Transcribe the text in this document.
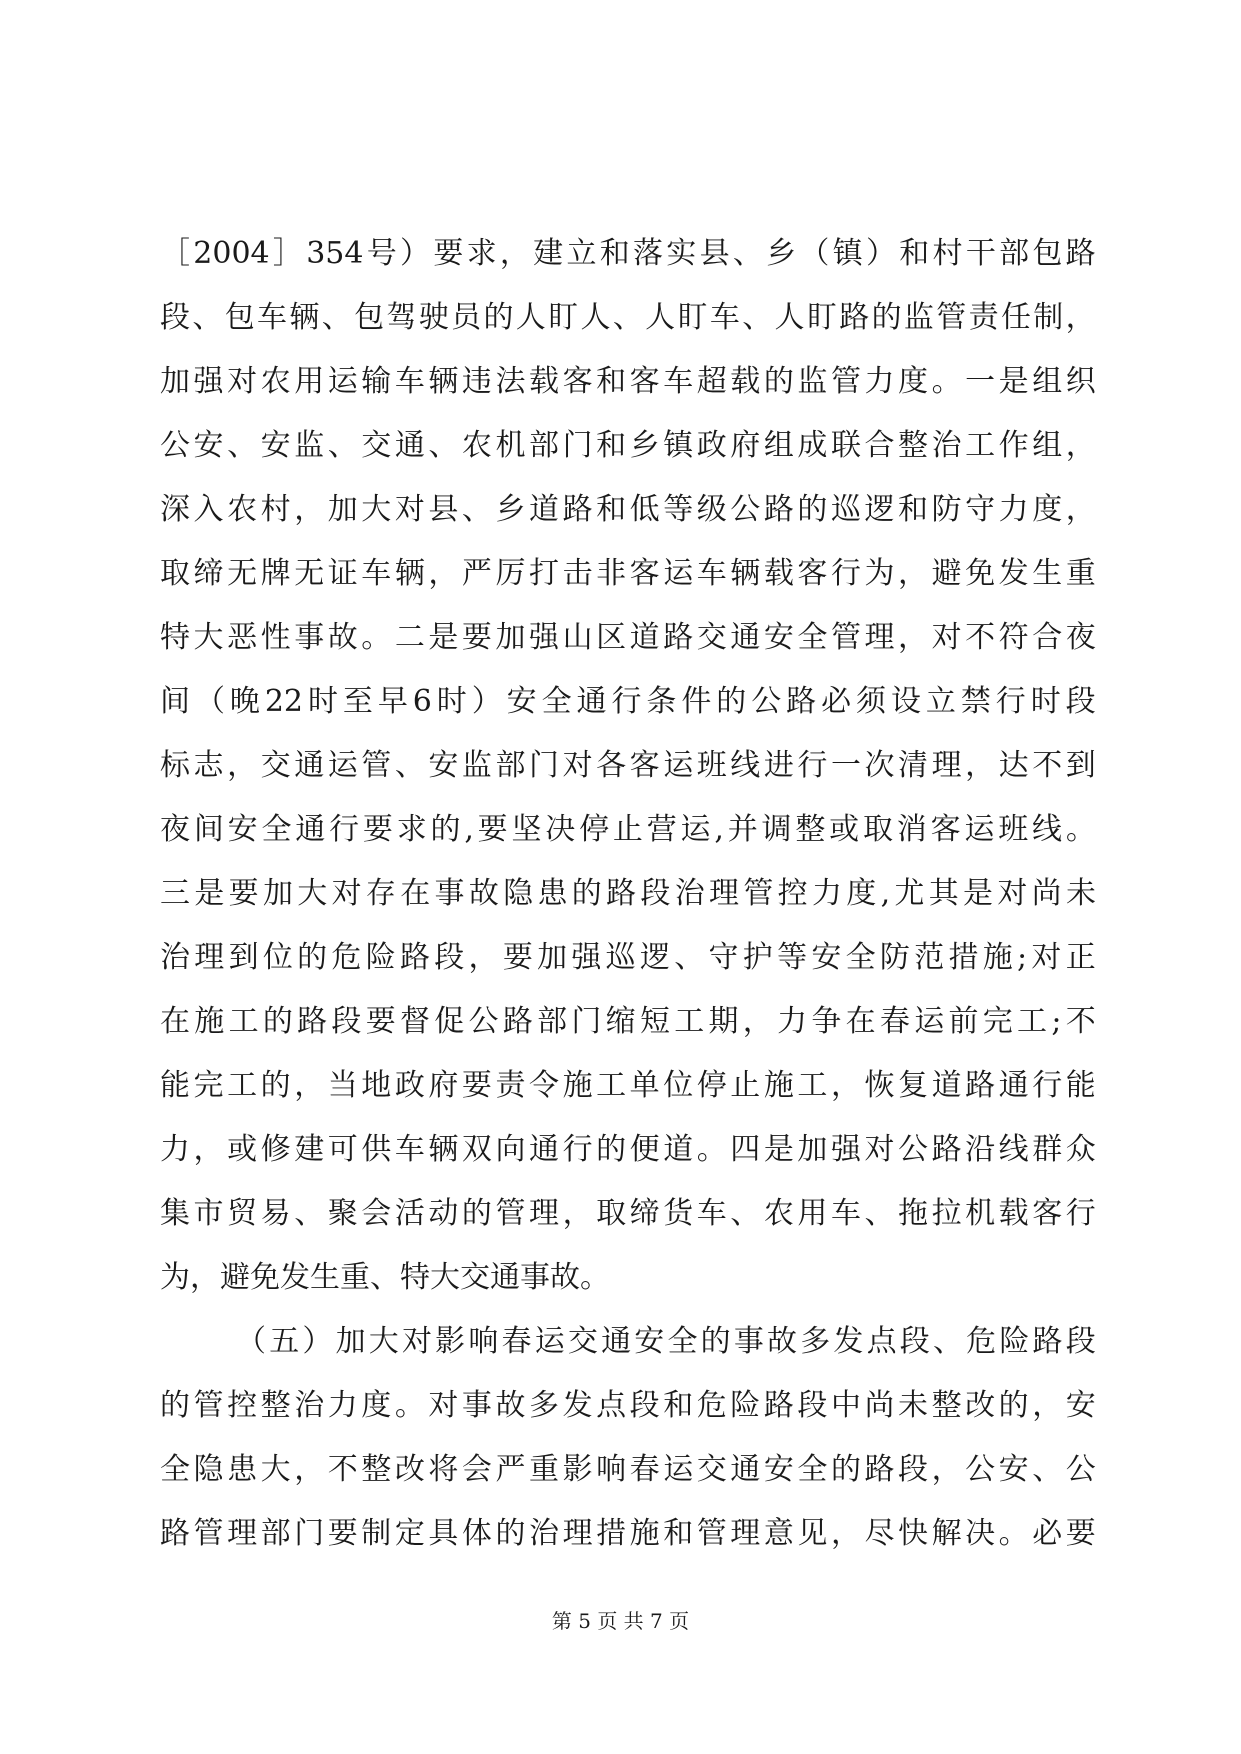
［ 2004 ］ 354 号 ） 要 求 ， 建 立 和 落 实 县 、 乡 （ 镇 ） 和 村 干 部 包 路
段 、 包 车 辆 、 包 驾 驶 员 的 人 盯 人 、 人 盯 车 、 人 盯 路 的 监 管 责 任 制 ，
加 强 对 农 用 运 输 车 辆 违 法 载 客 和 客 车 超 载 的 监 管 力 度 。 一 是 组 织
公 安 、 安 监 、 交 通 、 农 机 部 门 和 乡 镇 政 府 组 成 联 合 整 治 工 作 组 ，
深 入 农 村 ， 加 大 对 县 、 乡 道 路 和 低 等 级 公 路 的 巡 逻 和 防 守 力 度 ，
取 缔 无 牌 无 证 车 辆 ， 严 厉 打 击 非 客 运 车 辆 载 客 行 为 ， 避 免 发 生 重
特 大 恶 性 事 故 。 二 是 要 加 强 山 区 道 路 交 通 安 全 管 理 ， 对 不 符 合 夜
间 （ 晚 22 时 至 早 6 时 ） 安 全 通 行 条 件 的 公 路 必 须 设 立 禁 行 时 段
标 志 ， 交 通 运 管 、 安 监 部 门 对 各 客 运 班 线 进 行 一 次 清 理 ， 达 不 到
夜 间 安 全 通 行 要 求 的 , 要 坚 决 停 止 营 运 , 并 调 整 或 取 消 客 运 班 线 。
三 是 要 加 大 对 存 在 事 故 隐 患 的 路 段 治 理 管 控 力 度 , 尤 其 是 对 尚 未
治 理 到 位 的 危 险 路 段 ， 要 加 强 巡 逻 、 守 护 等 安 全 防 范 措 施 ; 对 正
在 施 工 的 路 段 要 督 促 公 路 部 门 缩 短 工 期 ， 力 争 在 春 运 前 完 工 ; 不
能 完 工 的 ， 当 地 政 府 要 责 令 施 工 单 位 停 止 施 工 ， 恢 复 道 路 通 行 能
力 ， 或 修 建 可 供 车 辆 双 向 通 行 的 便 道 。 四 是 加 强 对 公 路 沿 线 群 众
集 市 贸 易 、 聚 会 活 动 的 管 理 ， 取 缔 货 车 、 农 用 车 、 拖 拉 机 载 客 行
为 ， 避 免 发 生 重 、 特 大 交 通 事 故 。
（ 五 ） 加 大 对 影 响 春 运 交 通 安 全 的 事 故 多 发 点 段 、 危 险 路 段
的 管 控 整 治 力 度 。 对 事 故 多 发 点 段 和 危 险 路 段 中 尚 未 整 改 的 ， 安
全 隐 患 大 ， 不 整 改 将 会 严 重 影 响 春 运 交 通 安 全 的 路 段 ， 公 安 、 公
路 管 理 部 门 要 制 定 具 体 的 治 理 措 施 和 管 理 意 见 ， 尽 快 解 决 。 必 要
第 5 页 共 7 页
